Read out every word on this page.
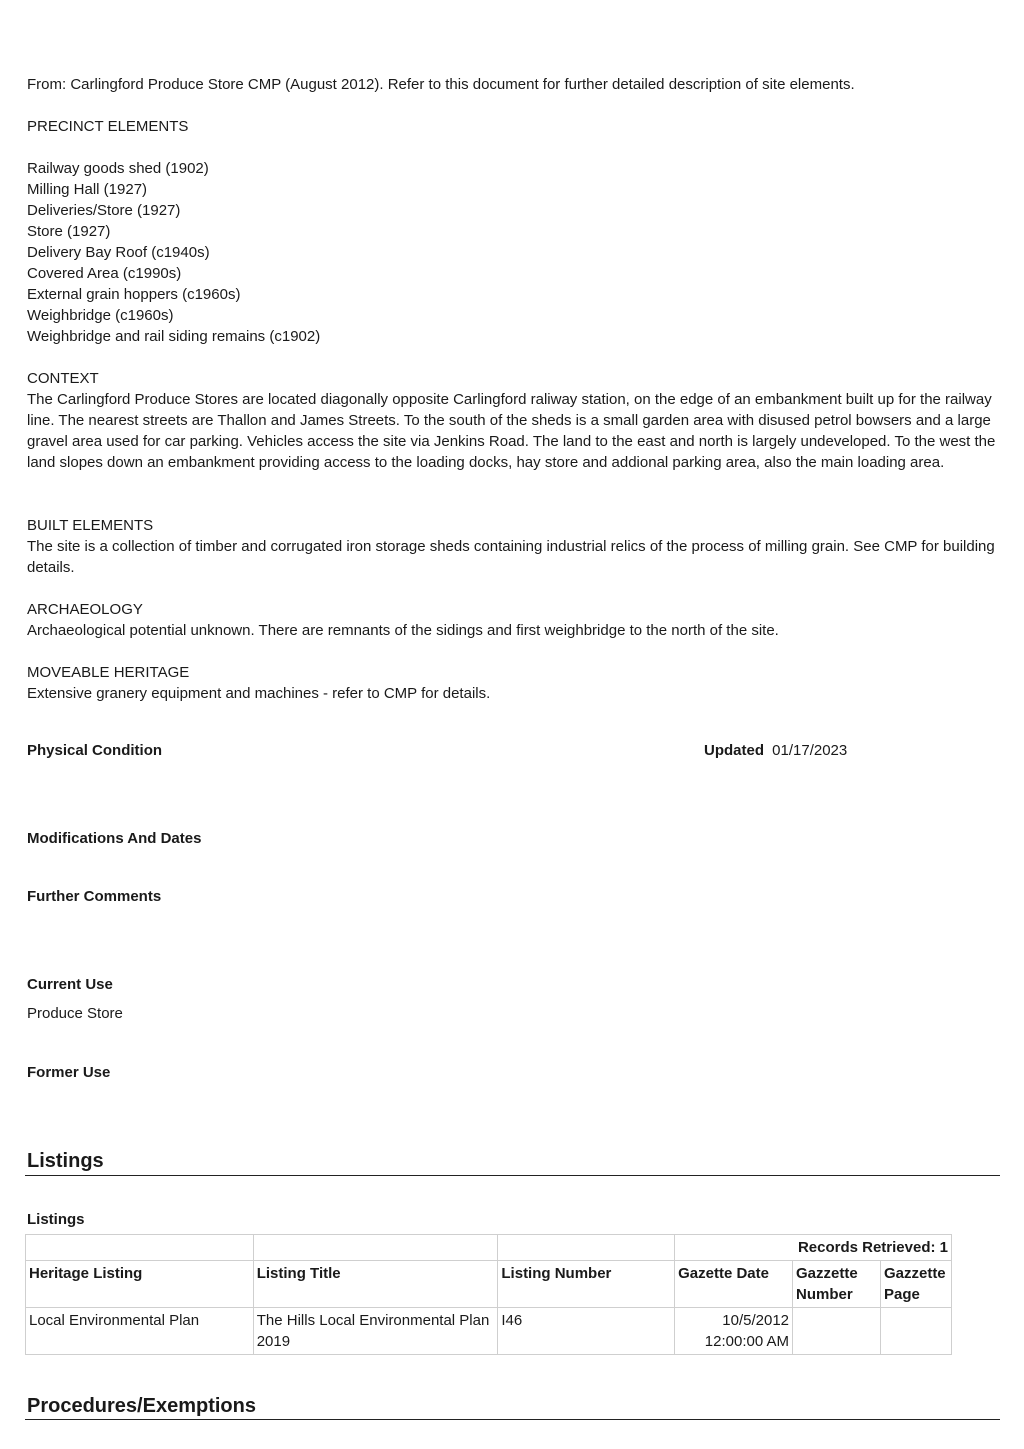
From: Carlingford Produce Store CMP (August 2012). Refer to this document for further detailed description of site elements.
PRECINCT ELEMENTS
Railway goods shed (1902)
Milling Hall (1927)
Deliveries/Store (1927)
Store (1927)
Delivery Bay Roof (c1940s)
Covered Area (c1990s)
External grain hoppers (c1960s)
Weighbridge (c1960s)
Weighbridge and rail siding remains (c1902)
CONTEXT
The Carlingford Produce Stores are located diagonally opposite Carlingford raliway station, on the edge of an embankment built up for the railway line. The nearest streets are Thallon and James Streets. To the south of the sheds is a small garden area with disused petrol bowsers and a large gravel area used for car parking. Vehicles access the site via Jenkins Road. The land to the east and north is largely undeveloped. To the west the land slopes down an embankment providing access to the loading docks, hay store and addional parking area, also the main loading area.
BUILT ELEMENTS
The site is a collection of timber and corrugated iron storage sheds containing industrial relics of the process of milling grain. See CMP for building details.
ARCHAEOLOGY
Archaeological potential unknown. There are remnants of the sidings and first weighbridge to the north of the site.
MOVEABLE HERITAGE
Extensive granery equipment and machines - refer to CMP for details.
Physical Condition	Updated 01/17/2023
Modifications And Dates
Further Comments
Current Use
Produce Store
Former Use
Listings
Listings
			Records Retrieved: 1		
Heritage Listing	Listing Title	Listing Number	Gazette Date	Gazzette Number	Gazzette Page
Local Environmental Plan	The Hills Local Environmental Plan 2019	I46	10/5/2012 12:00:00 AM		
Procedures/Exemptions
